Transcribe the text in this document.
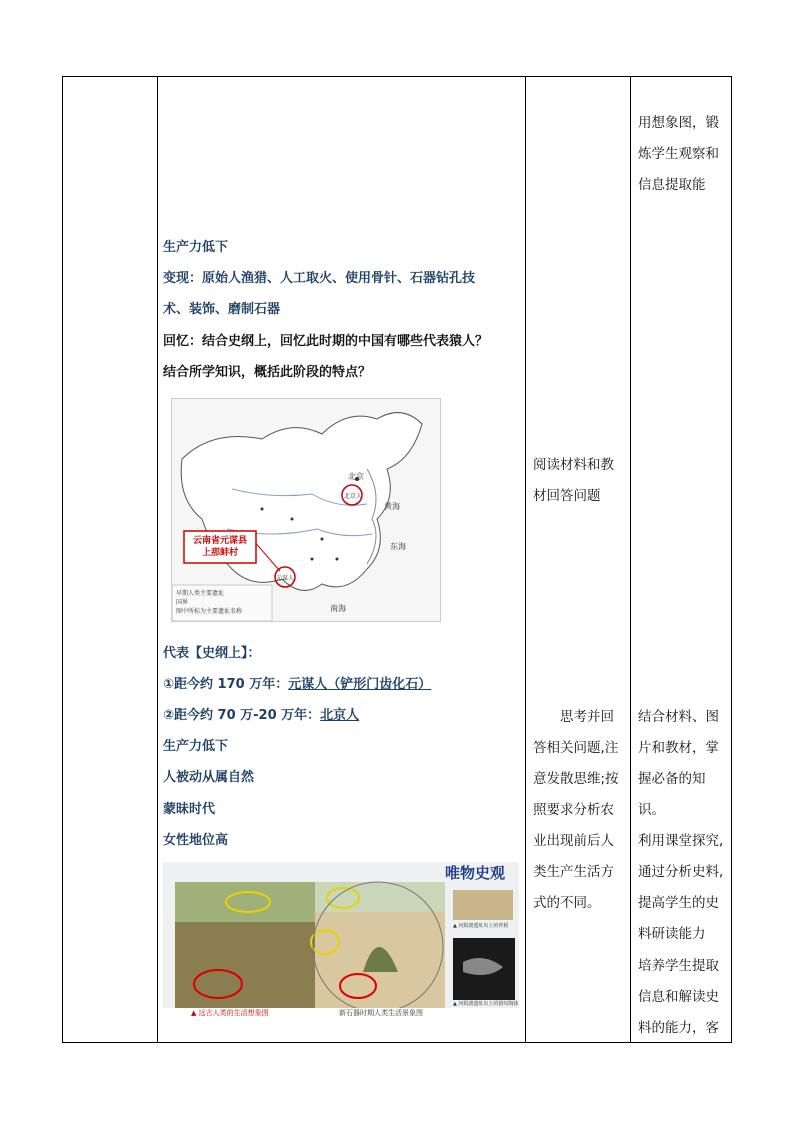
生产力低下
变现：原始人渔猎、人工取火、使用骨针、石器钻孔技
术、装饰、磨制石器
回忆：结合史纲上，回忆此时期的中国有哪些代表猿人？
结合所学知识，概括此阶段的特点？
云南省元谋县
上那蚌村
北京
黄海
东海
南海
元谋人
北京人
早期人类主要遗址
国界
图中所标为主要遗址名称
代表【史纲上】：
①距今约 170 万年：元谋人（铲形门齿化石）
②距今约 70 万-20 万年：北京人
生产力低下
人被动从属自然
蒙昧时代
女性地位高
唯物史观
▲ 远古人类的生活想象图	新石器时期人类生活景象图
▲ 河姆渡遗址出土的骨耜
▲ 河姆渡遗址出土的猪纹陶钵
阅读材料和教
材回答问题
思考并回
答相关问题,注
意发散思维;按
照要求分析农
业出现前后人
类生产生活方
式的不同。
用想象图，锻
炼学生观察和
信息提取能
结合材料、图
片和教材，掌
握必备的知识。
利用课堂探究,
通过分析史料,
提高学生的史
料研读能力
培养学生提取
信息和解读史
料的能力，客
